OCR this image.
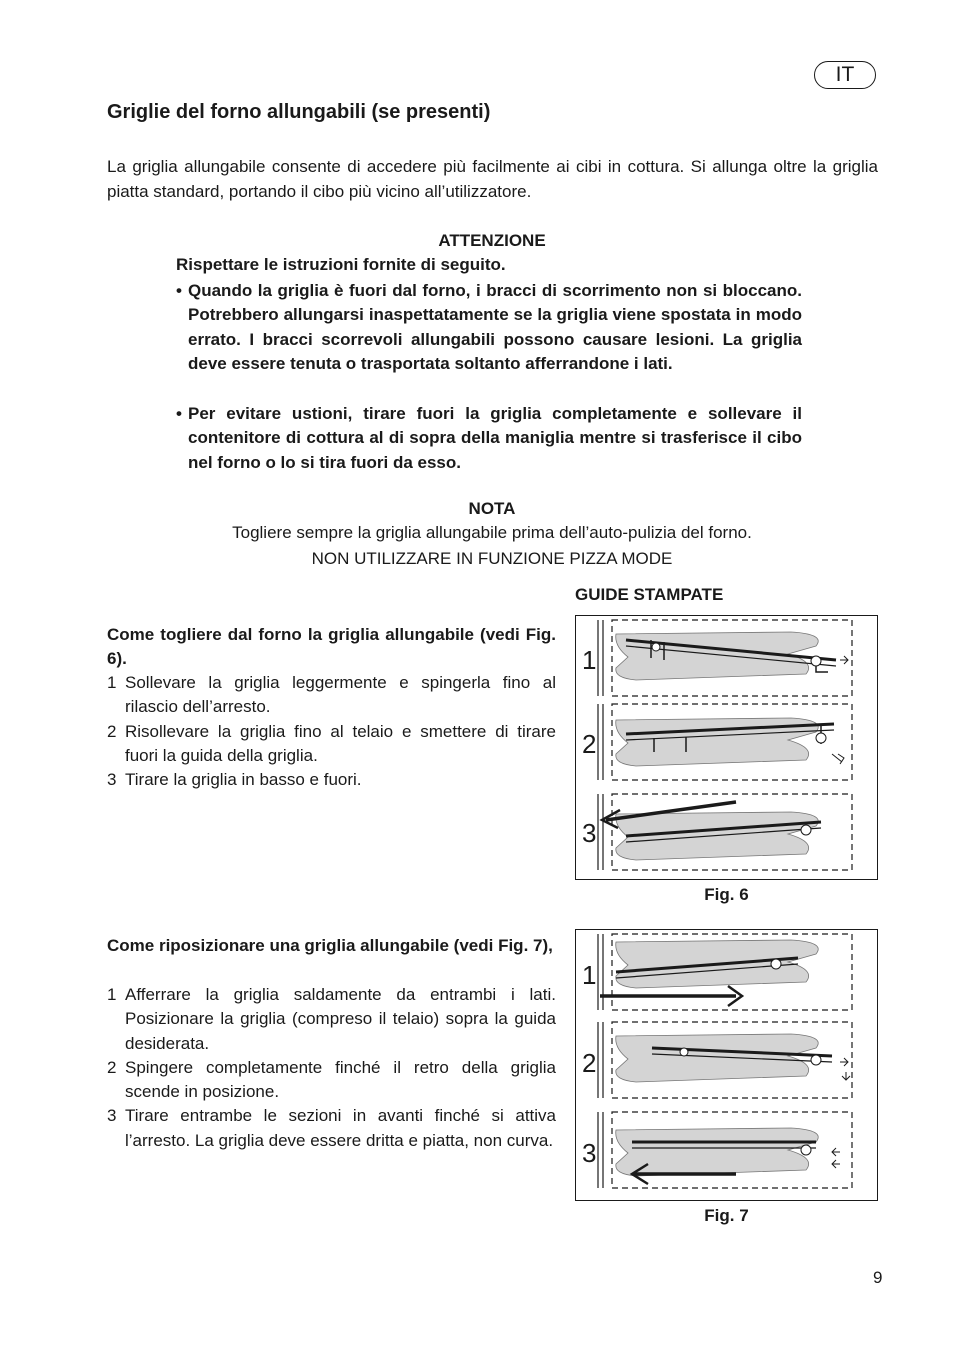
IT
Griglie del forno allungabili (se presenti)
La griglia allungabile consente di accedere più facilmente ai cibi in cottura. Si allunga oltre la griglia piatta standard, portando il cibo più vicino all’utilizzatore.
ATTENZIONE
Rispettare le istruzioni fornite di seguito.
• Quando la griglia è fuori dal forno, i bracci di scorrimento non si bloccano. Potrebbero allungarsi inaspettatamente se la griglia viene spostata in modo errato. I bracci scorrevoli allungabili possono causare lesioni. La griglia deve essere tenuta o trasportata soltanto afferrandone i lati.
• Per evitare ustioni, tirare fuori la griglia completamente e sollevare il contenitore di cottura al di sopra della maniglia mentre si trasferisce il cibo nel forno o lo si tira fuori da esso.
NOTA
Togliere sempre la griglia allungabile prima dell’auto-pulizia del forno.
NON UTILIZZARE IN FUNZIONE PIZZA MODE
GUIDE STAMPATE
Come togliere dal forno la griglia allungabile (vedi Fig. 6).
1 Sollevare la griglia leggermente e spingerla fino al rilascio dell’arresto.
2 Risollevare la griglia fino al telaio e smettere di tirare fuori la guida della griglia.
3 Tirare la griglia in basso e fuori.
Come riposizionare una griglia allungabile (vedi Fig. 7),
1 Afferrare la griglia saldamente da entrambi i lati. Posizionare la griglia (compreso il telaio) sopra la guida desiderata.
2 Spingere completamente finché il retro della griglia scende in posizione.
3 Tirare entrambe le sezioni in avanti finché si attiva l’arresto. La griglia deve essere dritta e piatta, non curva.
1
2
3
Fig. 6
1
2
3
Fig. 7
9
